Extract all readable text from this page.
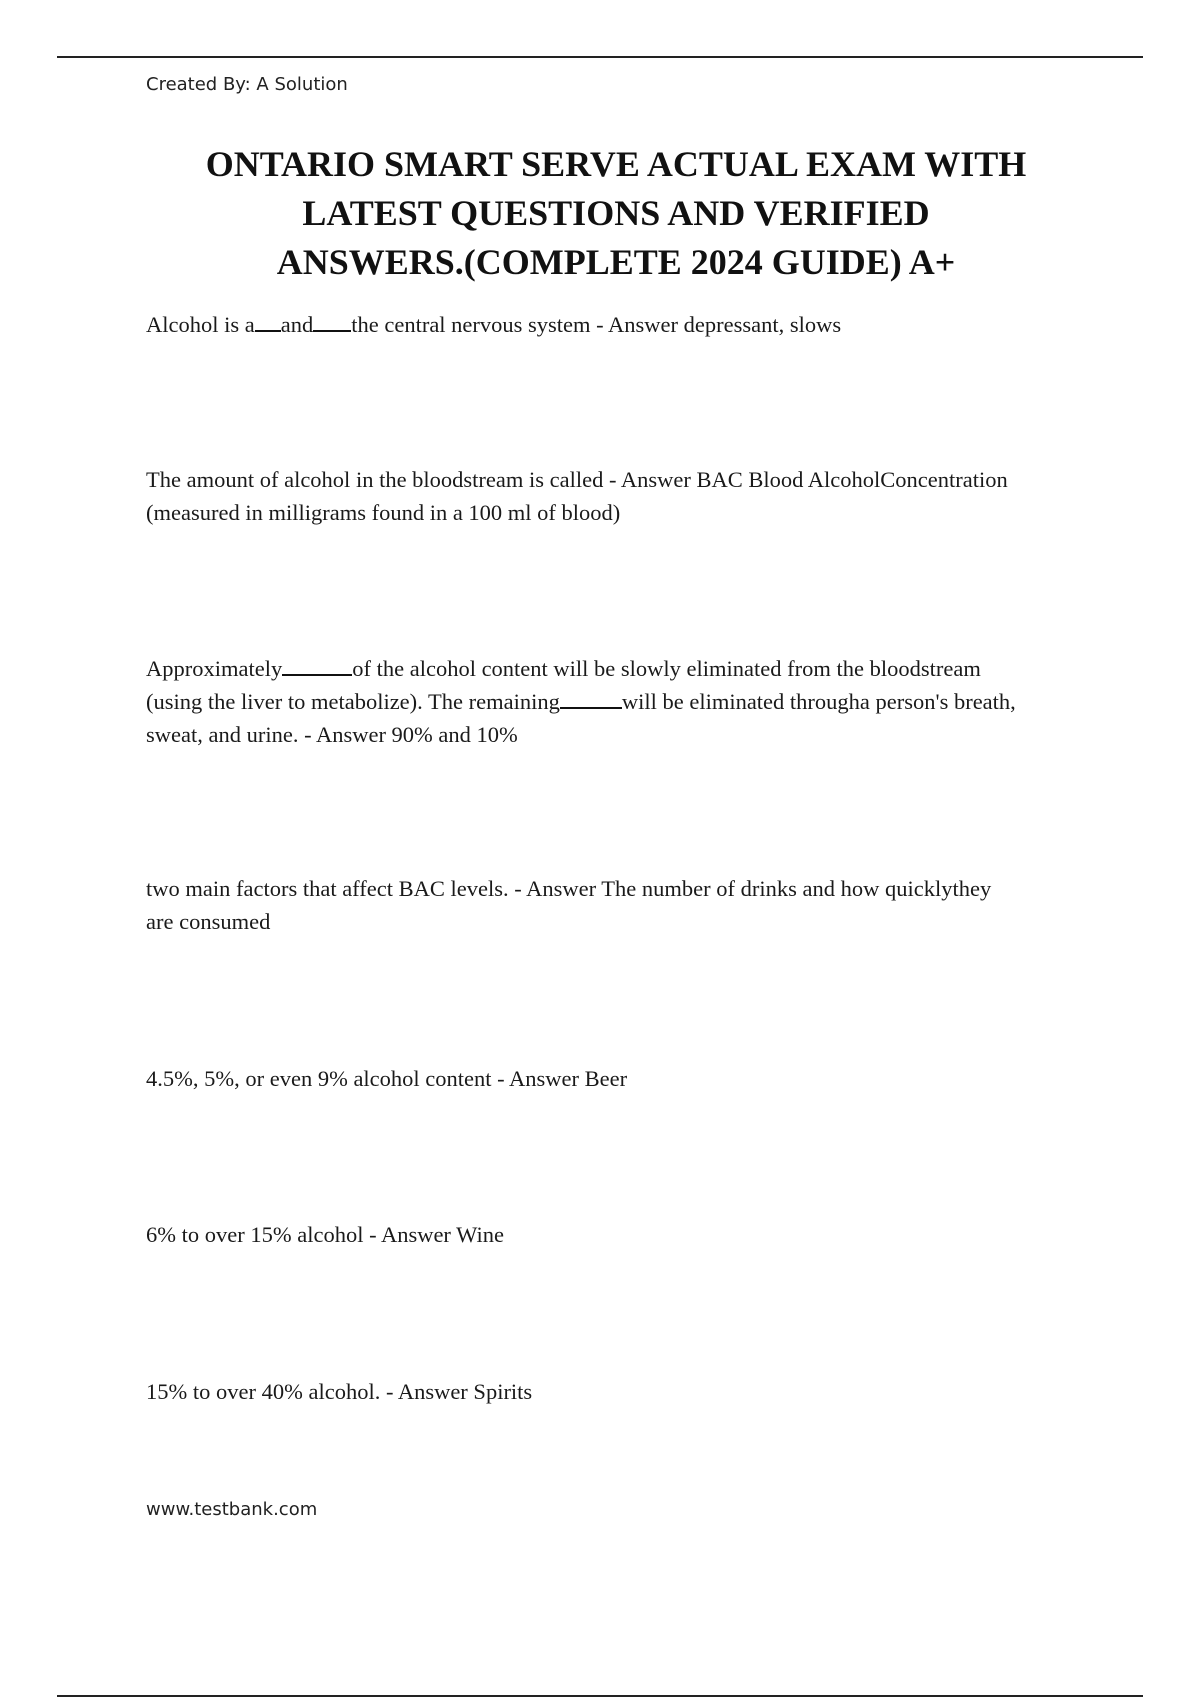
Created By: A Solution
ONTARIO SMART SERVE ACTUAL EXAM WITH
LATEST QUESTIONS AND VERIFIED
ANSWERS.(COMPLETE 2024 GUIDE) A+

Alcohol is a and the central nervous system - Answer depressant, slows

The amount of alcohol in the bloodstream is called - Answer BAC Blood AlcoholConcentration
(measured in milligrams found in a 100 ml of blood)

Approximately	of the alcohol content will be slowly eliminated from the bloodstream
(using the liver to metabolize). The remaining	will be eliminated througha person's breath,
sweat, and urine. - Answer 90% and 10%

two main factors that affect BAC levels. - Answer The number of drinks and how quicklythey
are consumed

4.5%, 5%, or even 9% alcohol content - Answer Beer

6% to over 15% alcohol - Answer Wine

15% to over 40% alcohol. - Answer Spirits

www.testbank.com
